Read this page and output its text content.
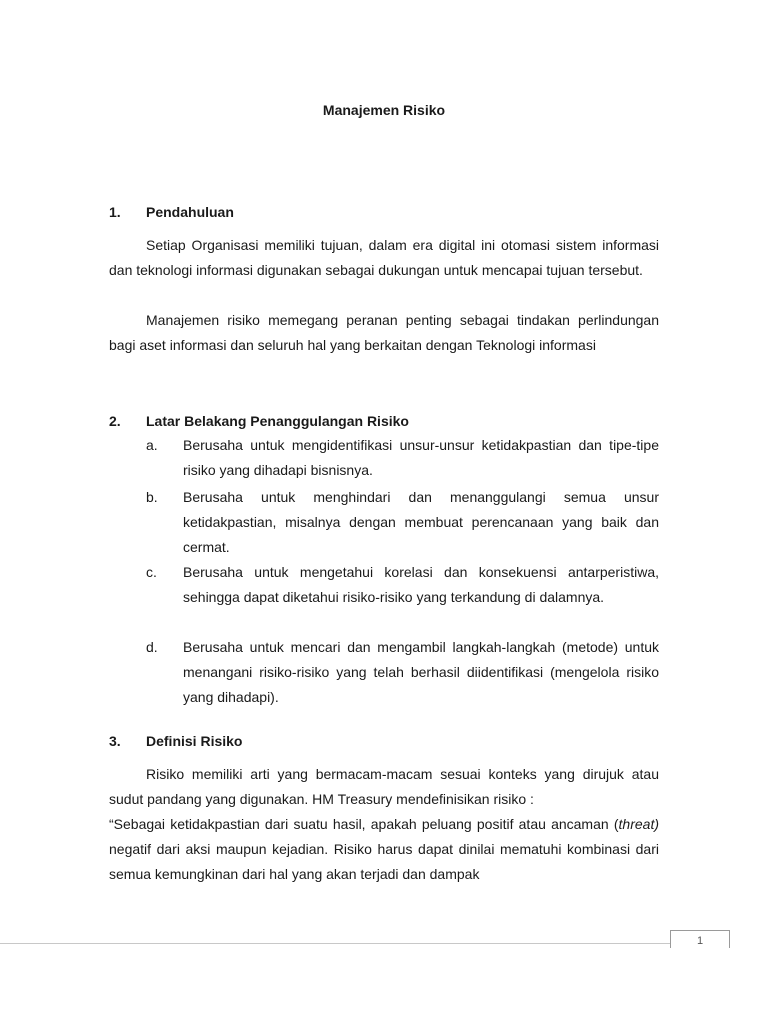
Manajemen Risiko
1. Pendahuluan
Setiap Organisasi memiliki tujuan, dalam era digital ini otomasi sistem informasi dan teknologi informasi digunakan sebagai dukungan untuk mencapai tujuan tersebut.
Manajemen risiko memegang peranan penting sebagai tindakan perlindungan bagi aset informasi dan seluruh hal yang berkaitan dengan Teknologi informasi
2. Latar Belakang Penanggulangan Risiko
a. Berusaha untuk mengidentifikasi unsur-unsur ketidakpastian dan tipe-tipe risiko yang dihadapi bisnisnya.
b. Berusaha untuk menghindari dan menanggulangi semua unsur ketidakpastian, misalnya dengan membuat perencanaan yang baik dan cermat.
c. Berusaha untuk mengetahui korelasi dan konsekuensi antarperistiwa, sehingga dapat diketahui risiko-risiko yang terkandung di dalamnya.
d. Berusaha untuk mencari dan mengambil langkah-langkah (metode) untuk menangani risiko-risiko yang telah berhasil diidentifikasi (mengelola risiko yang dihadapi).
3. Definisi Risiko
Risiko memiliki arti yang bermacam-macam sesuai konteks yang dirujuk atau sudut pandang yang digunakan. HM Treasury mendefinisikan risiko :
“Sebagai ketidakpastian dari suatu hasil, apakah peluang positif atau ancaman (threat) negatif dari aksi maupun kejadian. Risiko harus dapat dinilai mematuhi kombinasi dari semua kemungkinan dari hal yang akan terjadi dan dampak
1
